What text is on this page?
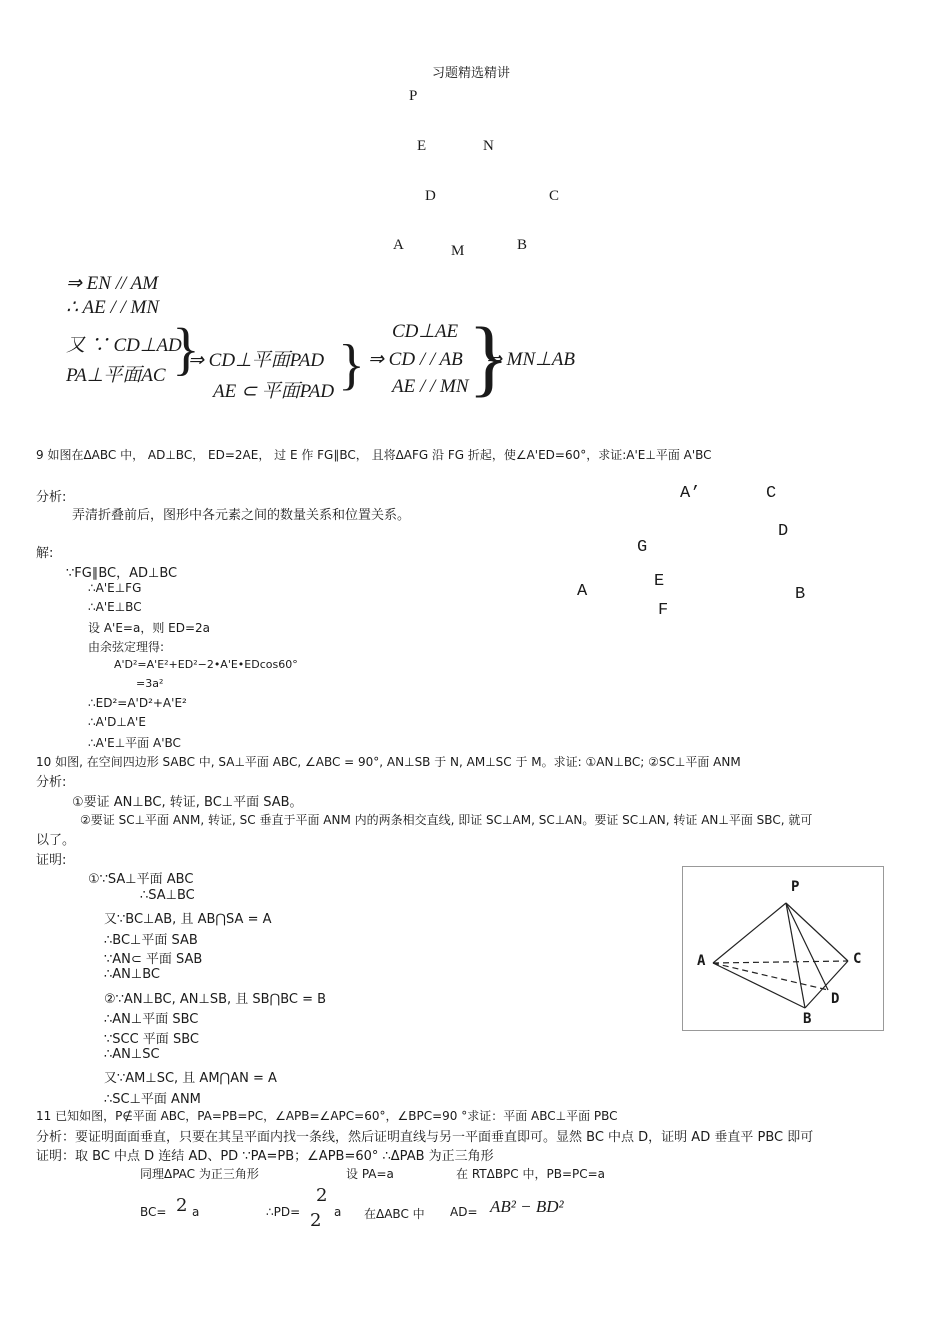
习题精选精讲
P
E	N
D	C
A	M	B
⇒ EN // AM
∴ AE / / MN
又 ∵ CD⊥AD
PA⊥平面AC }
⇒ CD⊥平面PAD
AE ⊂ 平面PAD }
CD⊥AE
⇒ CD / / AB
AE / / MN }
⇒ MN⊥AB
9 如图在ΔABC 中， AD⊥BC， ED=2AE， 过 E 作 FG∥BC， 且将ΔAFG 沿 FG 折起，使∠A'ED=60°，求证:A'E⊥平面 A'BC
分析:
弄清折叠前后，图形中各元素之间的数量关系和位置关系。
解:
∵FG∥BC，AD⊥BC
∴A'E⊥FG
∴A'E⊥BC
设 A'E=a，则 ED=2a
由余弦定理得:
A'D²=A'E²+ED²−2•A'E•EDcos60°
=3a²
∴ED²=A'D²+A'E²
∴A'D⊥A'E
∴A'E⊥平面 A'BC
A’	C
D
G
E
A	B
F
10 如图, 在空间四边形 SABC 中, SA⊥平面 ABC, ∠ABC = 90°, AN⊥SB 于 N, AM⊥SC 于 M。求证: ①AN⊥BC; ②SC⊥平面 ANM
分析:
①要证 AN⊥BC, 转证, BC⊥平面 SAB。
②要证 SC⊥平面 ANM, 转证, SC 垂直于平面 ANM 内的两条相交直线, 即证 SC⊥AM, SC⊥AN。要证 SC⊥AN, 转证 AN⊥平面 SBC, 就可
以了。
证明:
①∵SA⊥平面 ABC
∴SA⊥BC
又∵BC⊥AB, 且 AB⋂SA = A
∴BC⊥平面 SAB
∵AN⊂ 平面 SAB
∴AN⊥BC
②∵AN⊥BC, AN⊥SB, 且 SB⋂BC = B
∴AN⊥平面 SBC
∵SCC 平面 SBC
∴AN⊥SC
又∵AM⊥SC, 且 AM⋂AN = A
∴SC⊥平面 ANM
P
A	C
D
B
11 已知如图，P∉平面 ABC，PA=PB=PC，∠APB=∠APC=60°，∠BPC=90 °求证：平面 ABC⊥平面 PBC
分析：要证明面面垂直，只要在其呈平面内找一条线，然后证明直线与另一平面垂直即可。显然 BC 中点 D，证明 AD 垂直平 PBC 即可
证明：取 BC 中点 D 连结 AD、PD ∵PA=PB；∠APB=60° ∴ΔPAB 为正三角形
同理ΔPAC 为正三角形	设 PA=a	在 RTΔBPC 中，PB=PC=a
BC= 2 a	∴PD=
2
2 a 在ΔABC 中 AD= AB² − BD²
